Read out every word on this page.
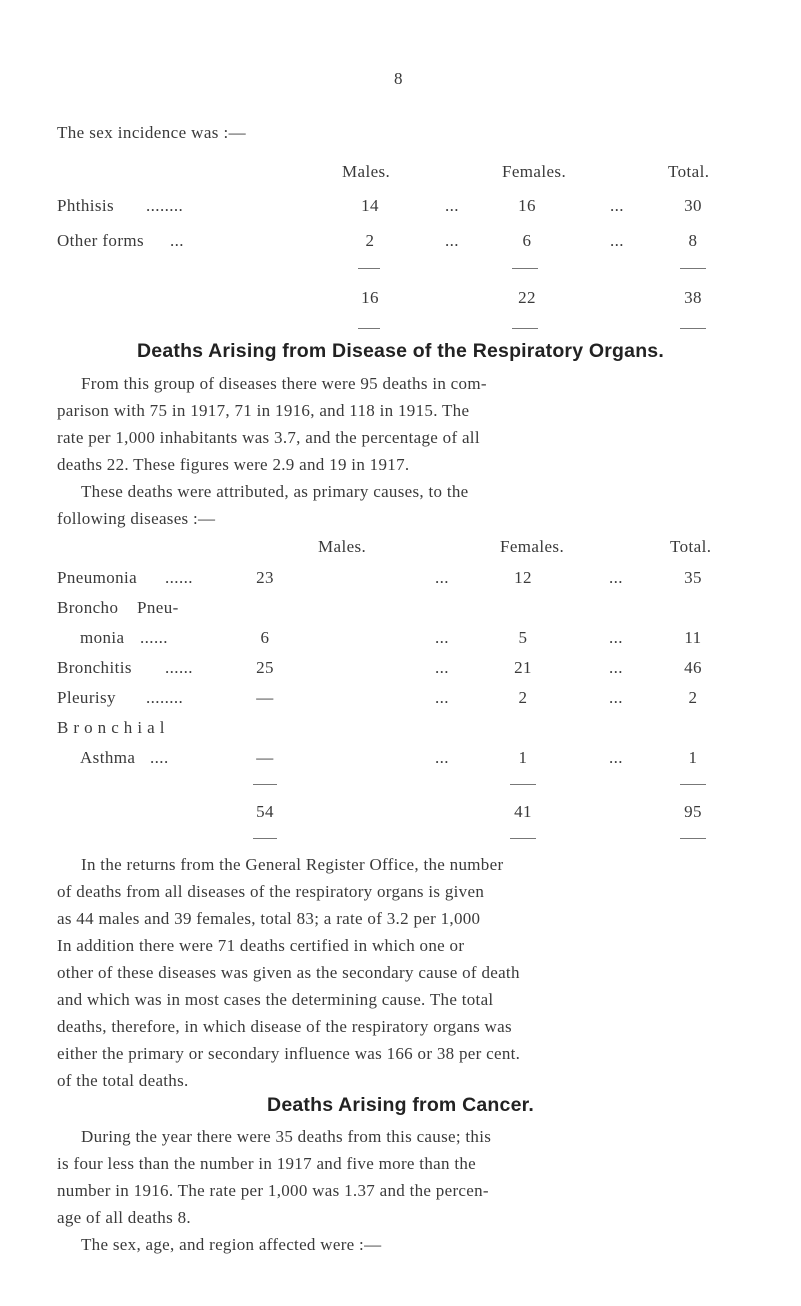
8
The sex incidence was :—
Males.	Females.	Total.
Phthisis ........	14	...	16	...	30
Other forms ...	2	...	6	...	8
16	22	38
Deaths Arising from Disease of the Respiratory Organs.
From this group of diseases there were 95 deaths in com-
parison with 75 in 1917, 71 in 1916, and 118 in 1915. The
rate per 1,000 inhabitants was 3.7, and the percentage of all
deaths 22. These figures were 2.9 and 19 in 1917.
These deaths were attributed, as primary causes, to the
following diseases :—
Males.	Females.	Total.
Pneumonia ......	23	...	12	...	35
Broncho Pneu-
monia ......	6	...	5	...	11
Bronchitis ......	25	...	21	...	46
Pleurisy ........	—	...	2	...	2
B r o n c h i a l
Asthma ....	—	...	1	...	1
54	41	95
In the returns from the General Register Office, the number
of deaths from all diseases of the respiratory organs is given
as 44 males and 39 females, total 83; a rate of 3.2 per 1,000
In addition there were 71 deaths certified in which one or
other of these diseases was given as the secondary cause of death
and which was in most cases the determining cause. The total
deaths, therefore, in which disease of the respiratory organs was
either the primary or secondary influence was 166 or 38 per cent.
of the total deaths.
Deaths Arising from Cancer.
During the year there were 35 deaths from this cause; this
is four less than the number in 1917 and five more than the
number in 1916. The rate per 1,000 was 1.37 and the percen-
age of all deaths 8.
The sex, age, and region affected were :—
